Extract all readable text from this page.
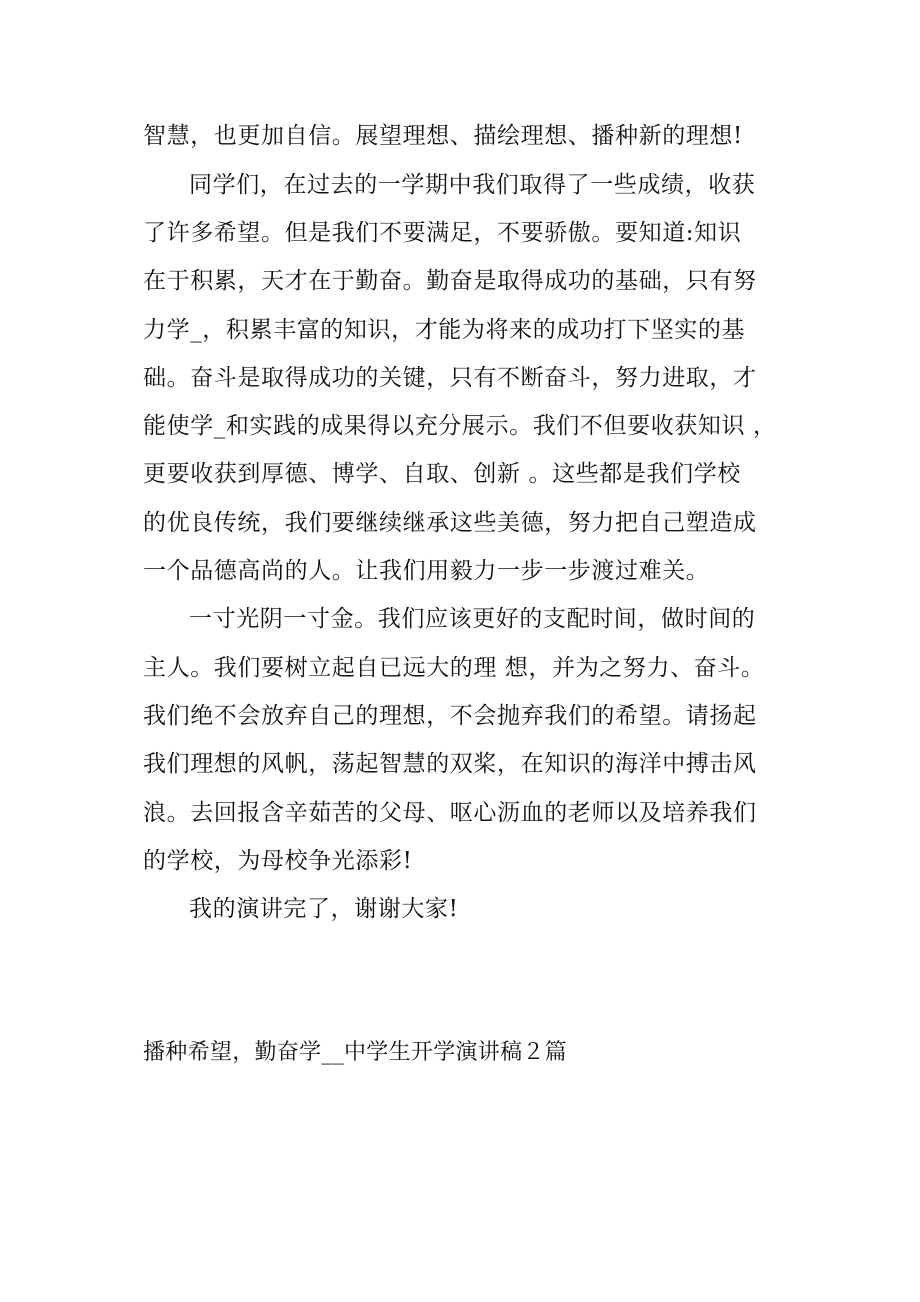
智慧，也更加自信。展望理想、描绘理想、播种新的理想!
同学们，在过去的一学期中我们取得了一些成绩，收获
了许多希望。但是我们不要满足，不要骄傲。要知道:知识
在于积累，天才在于勤奋。勤奋是取得成功的基础，只有努
力学_，积累丰富的知识，才能为将来的成功打下坚实的基
础。奋斗是取得成功的关键，只有不断奋斗，努力进取，才
能使学_和实践的成果得以充分展示。我们不但要收获知识 ，
更要收获到厚德、博学、自取、创新 。这些都是我们学校
的优良传统，我们要继续继承这些美德，努力把自己塑造成
一个品德高尚的人。让我们用毅力一步一步渡过难关。
一寸光阴一寸金。我们应该更好的支配时间，做时间的
主人。我们要树立起自已远大的理 想，并为之努力、奋斗。
我们绝不会放弃自己的理想，不会抛弃我们的希望。请扬起
我们理想的风帆，荡起智慧的双桨，在知识的海洋中搏击风
浪。去回报含辛茹苦的父母、呕心沥血的老师以及培养我们
的学校，为母校争光添彩!
我的演讲完了，谢谢大家!
播种希望，勤奋学__中学生开学演讲稿２篇
